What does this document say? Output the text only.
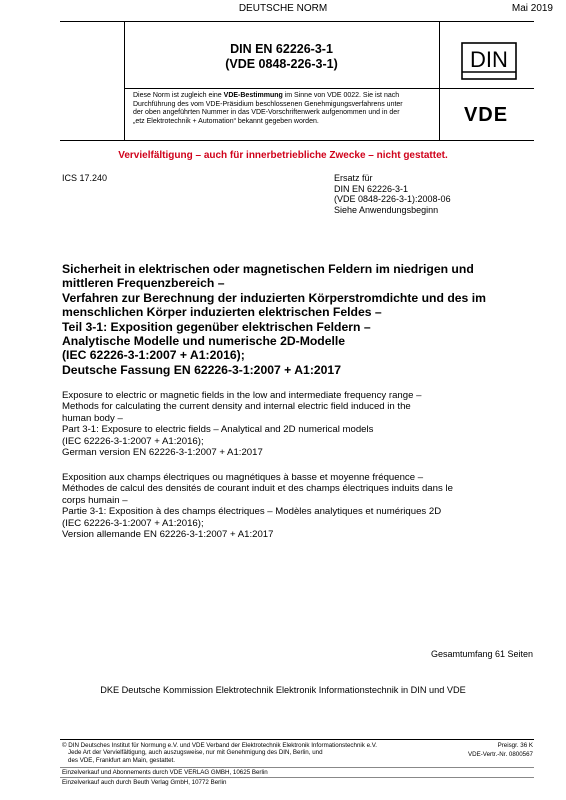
DEUTSCHE NORM	Mai 2019
DIN EN 62226-3-1
(VDE 0848-226-3-1)	DIN
Diese Norm ist zugleich eine VDE-Bestimmung im Sinne von VDE 0022. Sie ist nach
Durchführung des vom VDE-Präsidium beschlossenen Genehmigungsverfahrens unter
der oben angeführten Nummer in das VDE-Vorschriftenwerk aufgenommen und in der
„etz Elektrotechnik + Automation“ bekannt gegeben worden.	VDE
Vervielfältigung – auch für innerbetriebliche Zwecke – nicht gestattet.
ICS 17.240	Ersatz für
DIN EN 62226-3-1
(VDE 0848-226-3-1):2008-06
Siehe Anwendungsbeginn
Sicherheit in elektrischen oder magnetischen Feldern im niedrigen und
mittleren Frequenzbereich –
Verfahren zur Berechnung der induzierten Körperstromdichte und des im
menschlichen Körper induzierten elektrischen Feldes –
Teil 3-1: Exposition gegenüber elektrischen Feldern –
Analytische Modelle und numerische 2D-Modelle
(IEC 62226-3-1:2007 + A1:2016);
Deutsche Fassung EN 62226-3-1:2007 + A1:2017
Exposure to electric or magnetic fields in the low and intermediate frequency range –
Methods for calculating the current density and internal electric field induced in the
human body –
Part 3-1: Exposure to electric fields – Analytical and 2D numerical models
(IEC 62226-3-1:2007 + A1:2016);
German version EN 62226-3-1:2007 + A1:2017
Exposition aux champs électriques ou magnétiques à basse et moyenne fréquence –
Méthodes de calcul des densités de courant induit et des champs électriques induits dans le
corps humain –
Partie 3-1: Exposition à des champs électriques – Modèles analytiques et numériques 2D
(IEC 62226-3-1:2007 + A1:2016);
Version allemande EN 62226-3-1:2007 + A1:2017
Gesamtumfang 61 Seiten
DKE Deutsche Kommission Elektrotechnik Elektronik Informationstechnik in DIN und VDE
© DIN Deutsches Institut für Normung e.V. und VDE Verband der Elektrotechnik Elektronik Informationstechnik e.V.
Jede Art der Vervielfältigung, auch auszugsweise, nur mit Genehmigung des DIN, Berlin, und
des VDE, Frankfurt am Main, gestattet.
Preisgr. 36 K
VDE-Vertr.-Nr. 0800567
Einzelverkauf und Abonnements durch VDE VERLAG GMBH, 10625 Berlin
Einzelverkauf auch durch Beuth Verlag GmbH, 10772 Berlin
